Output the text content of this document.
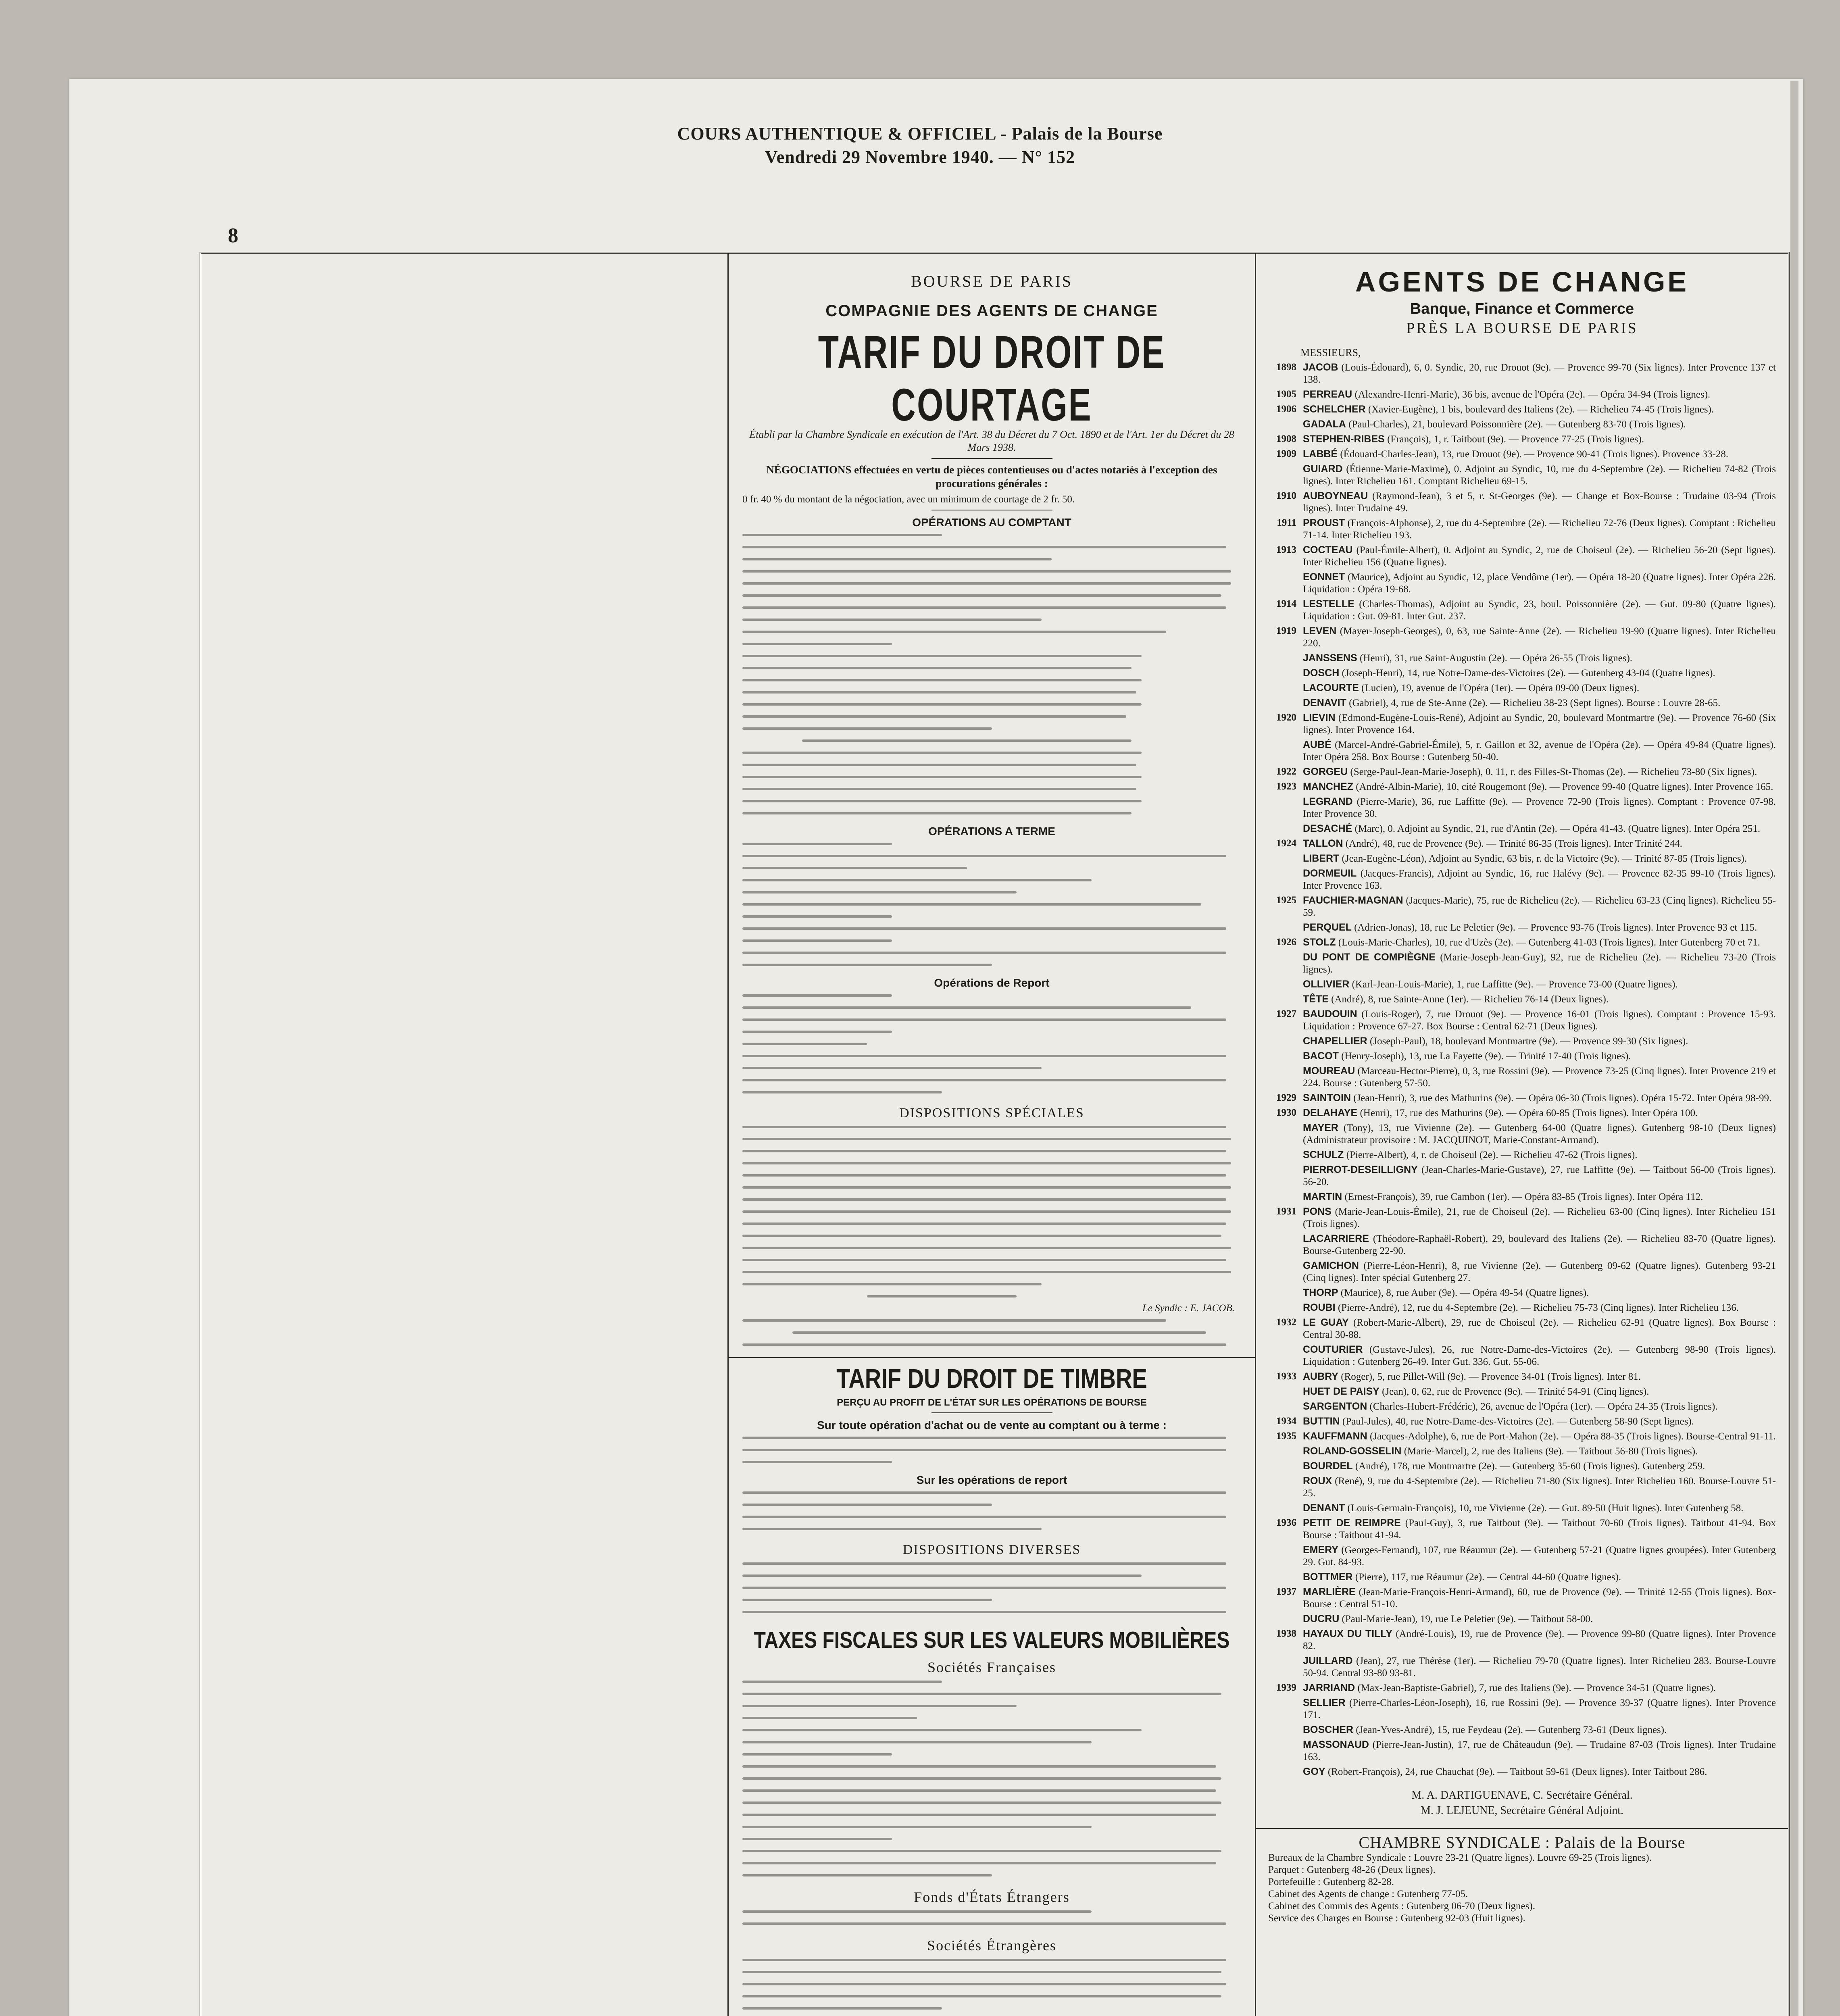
COURS AUTHENTIQUE & OFFICIEL - Palais de la Bourse
Vendredi 29 Novembre 1940. — N° 152
8
BOURSE DE PARIS
COMPAGNIE DES AGENTS DE CHANGE
TARIF DU DROIT DE COURTAGE
Établi par la Chambre Syndicale en exécution de l'Art. 38 du Décret du 7 Oct. 1890 et de l'Art. 1er du Décret du 28 Mars 1938.
NÉGOCIATIONS effectuées en vertu de pièces contentieuses ou d'actes notariés à l'exception des procurations générales :
0 fr. 40 % du montant de la négociation, avec un minimum de courtage de 2 fr. 50.
OPÉRATIONS AU COMPTANT
OPÉRATIONS A TERME
Opérations de Report
DISPOSITIONS SPÉCIALES
Le Syndic : E. JACOB.
TARIF DU DROIT DE TIMBRE
PERÇU AU PROFIT DE L'ÉTAT SUR LES OPÉRATIONS DE BOURSE
Sur toute opération d'achat ou de vente au comptant ou à terme :
Sur les opérations de report
DISPOSITIONS DIVERSES
TAXES FISCALES SUR LES VALEURS MOBILIÈRES
Sociétés Françaises
Fonds d'États Étrangers
Sociétés Étrangères
AGENTS DE CHANGE
Banque, Finance et Commerce
PRÈS LA BOURSE DE PARIS
MESSIEURS,
1898 JACOB (Louis-Édouard), 6, 0. Syndic, 20, rue Drouot (9e). — Provence 99-70 (Six lignes). Inter Provence 137 et 138.
1905 PERREAU (Alexandre-Henri-Marie), 36 bis, avenue de l'Opéra (2e). — Opéra 34-94 (Trois lignes).
1906 SCHELCHER (Xavier-Eugène), 1 bis, boulevard des Italiens (2e). — Richelieu 74-45 (Trois lignes).
GADALA (Paul-Charles), 21, boulevard Poissonnière (2e). — Gutenberg 83-70 (Trois lignes).
1908 STEPHEN-RIBES (François), 1, r. Taitbout (9e). — Provence 77-25 (Trois lignes).
1909 LABBÉ (Édouard-Charles-Jean), 13, rue Drouot (9e). — Provence 90-41 (Trois lignes). Provence 33-28.
GUIARD (Étienne-Marie-Maxime), 0. Adjoint au Syndic, 10, rue du 4-Septembre (2e). — Richelieu 74-82 (Trois lignes). Inter Richelieu 161. Comptant Richelieu 69-15.
1910 AUBOYNEAU (Raymond-Jean), 3 et 5, r. St-Georges (9e). — Change et Box-Bourse : Trudaine 03-94 (Trois lignes). Inter Trudaine 49.
1911 PROUST (François-Alphonse), 2, rue du 4-Septembre (2e). — Richelieu 72-76 (Deux lignes). Comptant : Richelieu 71-14. Inter Richelieu 193.
1913 COCTEAU (Paul-Émile-Albert), 0. Adjoint au Syndic, 2, rue de Choiseul (2e). — Richelieu 56-20 (Sept lignes). Inter Richelieu 156 (Quatre lignes).
EONNET (Maurice), Adjoint au Syndic, 12, place Vendôme (1er). — Opéra 18-20 (Quatre lignes). Inter Opéra 226. Liquidation : Opéra 19-68.
1914 LESTELLE (Charles-Thomas), Adjoint au Syndic, 23, boul. Poissonnière (2e). — Gut. 09-80 (Quatre lignes). Liquidation : Gut. 09-81. Inter Gut. 237.
1919 LEVEN (Mayer-Joseph-Georges), 0, 63, rue Sainte-Anne (2e). — Richelieu 19-90 (Quatre lignes). Inter Richelieu 220.
JANSSENS (Henri), 31, rue Saint-Augustin (2e). — Opéra 26-55 (Trois lignes).
DOSCH (Joseph-Henri), 14, rue Notre-Dame-des-Victoires (2e). — Gutenberg 43-04 (Quatre lignes).
LACOURTE (Lucien), 19, avenue de l'Opéra (1er). — Opéra 09-00 (Deux lignes).
DENAVIT (Gabriel), 4, rue de Ste-Anne (2e). — Richelieu 38-23 (Sept lignes). Bourse : Louvre 28-65.
1920 LIEVIN (Edmond-Eugène-Louis-René), Adjoint au Syndic, 20, boulevard Montmartre (9e). — Provence 76-60 (Six lignes). Inter Provence 164.
AUBÉ (Marcel-André-Gabriel-Émile), 5, r. Gaillon et 32, avenue de l'Opéra (2e). — Opéra 49-84 (Quatre lignes). Inter Opéra 258. Box Bourse : Gutenberg 50-40.
1922 GORGEU (Serge-Paul-Jean-Marie-Joseph), 0. 11, r. des Filles-St-Thomas (2e). — Richelieu 73-80 (Six lignes).
1923 MANCHEZ (André-Albin-Marie), 10, cité Rougemont (9e). — Provence 99-40 (Quatre lignes). Inter Provence 165.
LEGRAND (Pierre-Marie), 36, rue Laffitte (9e). — Provence 72-90 (Trois lignes). Comptant : Provence 07-98. Inter Provence 30.
DESACHÉ (Marc), 0. Adjoint au Syndic, 21, rue d'Antin (2e). — Opéra 41-43. (Quatre lignes). Inter Opéra 251.
1924 TALLON (André), 48, rue de Provence (9e). — Trinité 86-35 (Trois lignes). Inter Trinité 244.
LIBERT (Jean-Eugène-Léon), Adjoint au Syndic, 63 bis, r. de la Victoire (9e). — Trinité 87-85 (Trois lignes).
DORMEUIL (Jacques-Francis), Adjoint au Syndic, 16, rue Halévy (9e). — Provence 82-35 99-10 (Trois lignes). Inter Provence 163.
1925 FAUCHIER-MAGNAN (Jacques-Marie), 75, rue de Richelieu (2e). — Richelieu 63-23 (Cinq lignes). Richelieu 55-59.
PERQUEL (Adrien-Jonas), 18, rue Le Peletier (9e). — Provence 93-76 (Trois lignes). Inter Provence 93 et 115.
1926 STOLZ (Louis-Marie-Charles), 10, rue d'Uzès (2e). — Gutenberg 41-03 (Trois lignes). Inter Gutenberg 70 et 71.
DU PONT DE COMPIÈGNE (Marie-Joseph-Jean-Guy), 92, rue de Richelieu (2e). — Richelieu 73-20 (Trois lignes).
OLLIVIER (Karl-Jean-Louis-Marie), 1, rue Laffitte (9e). — Provence 73-00 (Quatre lignes).
TÊTE (André), 8, rue Sainte-Anne (1er). — Richelieu 76-14 (Deux lignes).
1927 BAUDOUIN (Louis-Roger), 7, rue Drouot (9e). — Provence 16-01 (Trois lignes). Comptant : Provence 15-93. Liquidation : Provence 67-27. Box Bourse : Central 62-71 (Deux lignes).
CHAPELLIER (Joseph-Paul), 18, boulevard Montmartre (9e). — Provence 99-30 (Six lignes).
BACOT (Henry-Joseph), 13, rue La Fayette (9e). — Trinité 17-40 (Trois lignes).
MOUREAU (Marceau-Hector-Pierre), 0, 3, rue Rossini (9e). — Provence 73-25 (Cinq lignes). Inter Provence 219 et 224. Bourse : Gutenberg 57-50.
1929 SAINTOIN (Jean-Henri), 3, rue des Mathurins (9e). — Opéra 06-30 (Trois lignes). Opéra 15-72. Inter Opéra 98-99.
1930 DELAHAYE (Henri), 17, rue des Mathurins (9e). — Opéra 60-85 (Trois lignes). Inter Opéra 100.
MAYER (Tony), 13, rue Vivienne (2e). — Gutenberg 64-00 (Quatre lignes). Gutenberg 98-10 (Deux lignes) (Administrateur provisoire : M. JACQUINOT, Marie-Constant-Armand).
SCHULZ (Pierre-Albert), 4, r. de Choiseul (2e). — Richelieu 47-62 (Trois lignes).
PIERROT-DESEILLIGNY (Jean-Charles-Marie-Gustave), 27, rue Laffitte (9e). — Taitbout 56-00 (Trois lignes). 56-20.
MARTIN (Ernest-François), 39, rue Cambon (1er). — Opéra 83-85 (Trois lignes). Inter Opéra 112.
1931 PONS (Marie-Jean-Louis-Émile), 21, rue de Choiseul (2e). — Richelieu 63-00 (Cinq lignes). Inter Richelieu 151 (Trois lignes).
LACARRIERE (Théodore-Raphaël-Robert), 29, boulevard des Italiens (2e). — Richelieu 83-70 (Quatre lignes). Bourse-Gutenberg 22-90.
GAMICHON (Pierre-Léon-Henri), 8, rue Vivienne (2e). — Gutenberg 09-62 (Quatre lignes). Gutenberg 93-21 (Cinq lignes). Inter spécial Gutenberg 27.
THORP (Maurice), 8, rue Auber (9e). — Opéra 49-54 (Quatre lignes).
ROUBI (Pierre-André), 12, rue du 4-Septembre (2e). — Richelieu 75-73 (Cinq lignes). Inter Richelieu 136.
1932 LE GUAY (Robert-Marie-Albert), 29, rue de Choiseul (2e). — Richelieu 62-91 (Quatre lignes). Box Bourse : Central 30-88.
COUTURIER (Gustave-Jules), 26, rue Notre-Dame-des-Victoires (2e). — Gutenberg 98-90 (Trois lignes). Liquidation : Gutenberg 26-49. Inter Gut. 336. Gut. 55-06.
1933 AUBRY (Roger), 5, rue Pillet-Will (9e). — Provence 34-01 (Trois lignes). Inter 81.
HUET DE PAISY (Jean), 0, 62, rue de Provence (9e). — Trinité 54-91 (Cinq lignes).
SARGENTON (Charles-Hubert-Frédéric), 26, avenue de l'Opéra (1er). — Opéra 24-35 (Trois lignes).
1934 BUTTIN (Paul-Jules), 40, rue Notre-Dame-des-Victoires (2e). — Gutenberg 58-90 (Sept lignes).
1935 KAUFFMANN (Jacques-Adolphe), 6, rue de Port-Mahon (2e). — Opéra 88-35 (Trois lignes). Bourse-Central 91-11.
ROLAND-GOSSELIN (Marie-Marcel), 2, rue des Italiens (9e). — Taitbout 56-80 (Trois lignes).
BOURDEL (André), 178, rue Montmartre (2e). — Gutenberg 35-60 (Trois lignes). Gutenberg 259.
ROUX (René), 9, rue du 4-Septembre (2e). — Richelieu 71-80 (Six lignes). Inter Richelieu 160. Bourse-Louvre 51-25.
DENANT (Louis-Germain-François), 10, rue Vivienne (2e). — Gut. 89-50 (Huit lignes). Inter Gutenberg 58.
1936 PETIT DE REIMPRE (Paul-Guy), 3, rue Taitbout (9e). — Taitbout 70-60 (Trois lignes). Taitbout 41-94. Box Bourse : Taitbout 41-94.
EMERY (Georges-Fernand), 107, rue Réaumur (2e). — Gutenberg 57-21 (Quatre lignes groupées). Inter Gutenberg 29. Gut. 84-93.
BOTTMER (Pierre), 117, rue Réaumur (2e). — Central 44-60 (Quatre lignes).
1937 MARLIÈRE (Jean-Marie-François-Henri-Armand), 60, rue de Provence (9e). — Trinité 12-55 (Trois lignes). Box-Bourse : Central 51-10.
DUCRU (Paul-Marie-Jean), 19, rue Le Peletier (9e). — Taitbout 58-00.
1938 HAYAUX DU TILLY (André-Louis), 19, rue de Provence (9e). — Provence 99-80 (Quatre lignes). Inter Provence 82.
JUILLARD (Jean), 27, rue Thérèse (1er). — Richelieu 79-70 (Quatre lignes). Inter Richelieu 283. Bourse-Louvre 50-94. Central 93-80 93-81.
1939 JARRIAND (Max-Jean-Baptiste-Gabriel), 7, rue des Italiens (9e). — Provence 34-51 (Quatre lignes).
SELLIER (Pierre-Charles-Léon-Joseph), 16, rue Rossini (9e). — Provence 39-37 (Quatre lignes). Inter Provence 171.
BOSCHER (Jean-Yves-André), 15, rue Feydeau (2e). — Gutenberg 73-61 (Deux lignes).
MASSONAUD (Pierre-Jean-Justin), 17, rue de Châteaudun (9e). — Trudaine 87-03 (Trois lignes). Inter Trudaine 163.
GOY (Robert-François), 24, rue Chauchat (9e). — Taitbout 59-61 (Deux lignes). Inter Taitbout 286.
M. A. DARTIGUENAVE, C. Secrétaire Général.
M. J. LEJEUNE, Secrétaire Général Adjoint.
CHAMBRE SYNDICALE : Palais de la Bourse
Bureaux de la Chambre Syndicale : Louvre 23-21 (Quatre lignes). Louvre 69-25 (Trois lignes).
Parquet : Gutenberg 48-26 (Deux lignes).
Portefeuille : Gutenberg 82-28.
Cabinet des Agents de change : Gutenberg 77-05.
Cabinet des Commis des Agents : Gutenberg 06-70 (Deux lignes).
Service des Charges en Bourse : Gutenberg 92-03 (Huit lignes).
